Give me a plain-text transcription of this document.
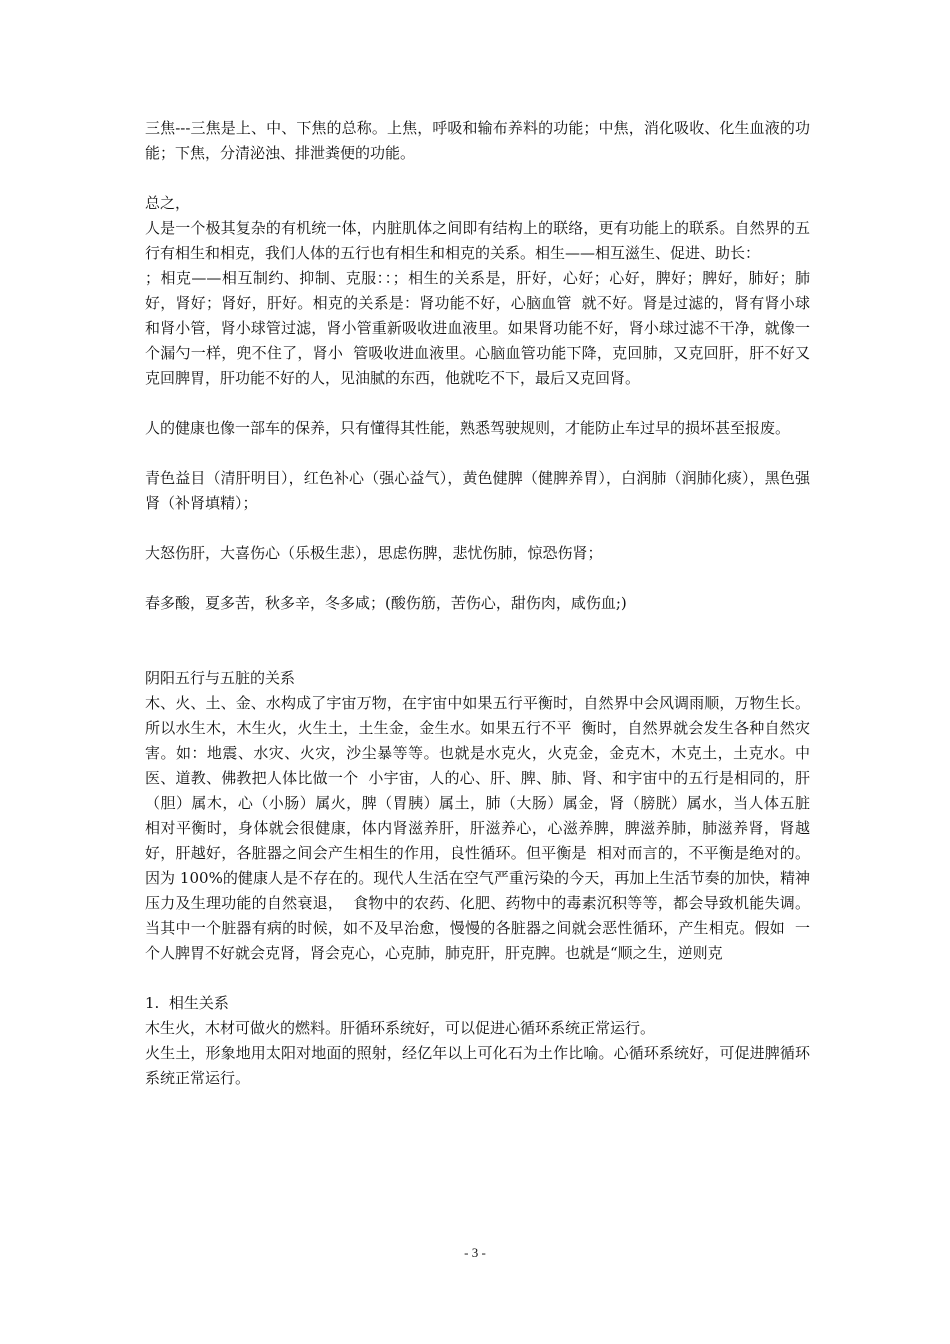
三焦---三焦是上、中、下焦的总称。上焦，呼吸和输布养料的功能；中焦，消化吸收、化生血液的功能；下焦，分清泌浊、排泄粪便的功能。

总之，

人是一个极其复杂的有机统一体，内脏肌体之间即有结构上的联络，更有功能上的联系。自然界的五行有相生和相克，我们人体的五行也有相生和相克的关系。相生——相互滋生、促进、助长：

；相克——相互制约、抑制、克服：：；相生的关系是，肝好，心好；心好，脾好；脾好，肺好；肺好，肾好；肾好，肝好。相克的关系是：肾功能不好，心脑血管  就不好。肾是过滤的，肾有肾小球和肾小管，肾小球管过滤，肾小管重新吸收进血液里。如果肾功能不好，肾小球过滤不干净，就像一个漏勺一样，兜不住了，肾小  管吸收进血液里。心脑血管功能下降，克回肺，又克回肝，肝不好又克回脾胃，肝功能不好的人，见油腻的东西，他就吃不下，最后又克回肾。

人的健康也像一部车的保养，只有懂得其性能，熟悉驾驶规则，才能防止车过早的损坏甚至报废。

青色益目（清肝明目），红色补心（强心益气），黄色健脾（健脾养胃），白润肺（润肺化痰），黑色强肾（补肾填精）；

大怒伤肝，大喜伤心（乐极生悲），思虑伤脾，悲忧伤肺，惊恐伤肾；

春多酸，夏多苦，秋多辛，冬多咸；(酸伤筋，苦伤心，甜伤肉，咸伤血;)

阴阳五行与五脏的关系

木、火、土、金、水构成了宇宙万物，在宇宙中如果五行平衡时，自然界中会风调雨顺，万物生长。所以水生木，木生火，火生土，土生金，金生水。如果五行不平  衡时，自然界就会发生各种自然灾害。如：地震、水灾、火灾，沙尘暴等等。也就是水克火，火克金，金克木，木克土，土克水。中医、道教、佛教把人体比做一个  小宇宙，人的心、肝、脾、肺、肾、和宇宙中的五行是相同的，肝（胆）属木，心（小肠）属火，脾（胃胰）属土，肺（大肠）属金，肾（膀胱）属水，当人体五脏  相对平衡时，身体就会很健康，体内肾滋养肝，肝滋养心，心滋养脾，脾滋养肺，肺滋养肾，肾越好，肝越好，各脏器之间会产生相生的作用，良性循环。但平衡是  相对而言的，不平衡是绝对的。因为 100%的健康人是不存在的。现代人生活在空气严重污染的今天，再加上生活节奏的加快，精神压力及生理功能的自然衰退，  食物中的农药、化肥、药物中的毒素沉积等等，都会导致机能失调。当其中一个脏器有病的时候，如不及早治愈，慢慢的各脏器之间就会恶性循环，产生相克。假如  一个人脾胃不好就会克肾，肾会克心，心克肺，肺克肝，肝克脾。也就是“顺之生，逆则克

1.  相生关系

木生火，木材可做火的燃料。肝循环系统好，可以促进心循环系统正常运行。

火生土，形象地用太阳对地面的照射，经亿年以上可化石为土作比喻。心循环系统好，可促进脾循环系统正常运行。

- 3 -
